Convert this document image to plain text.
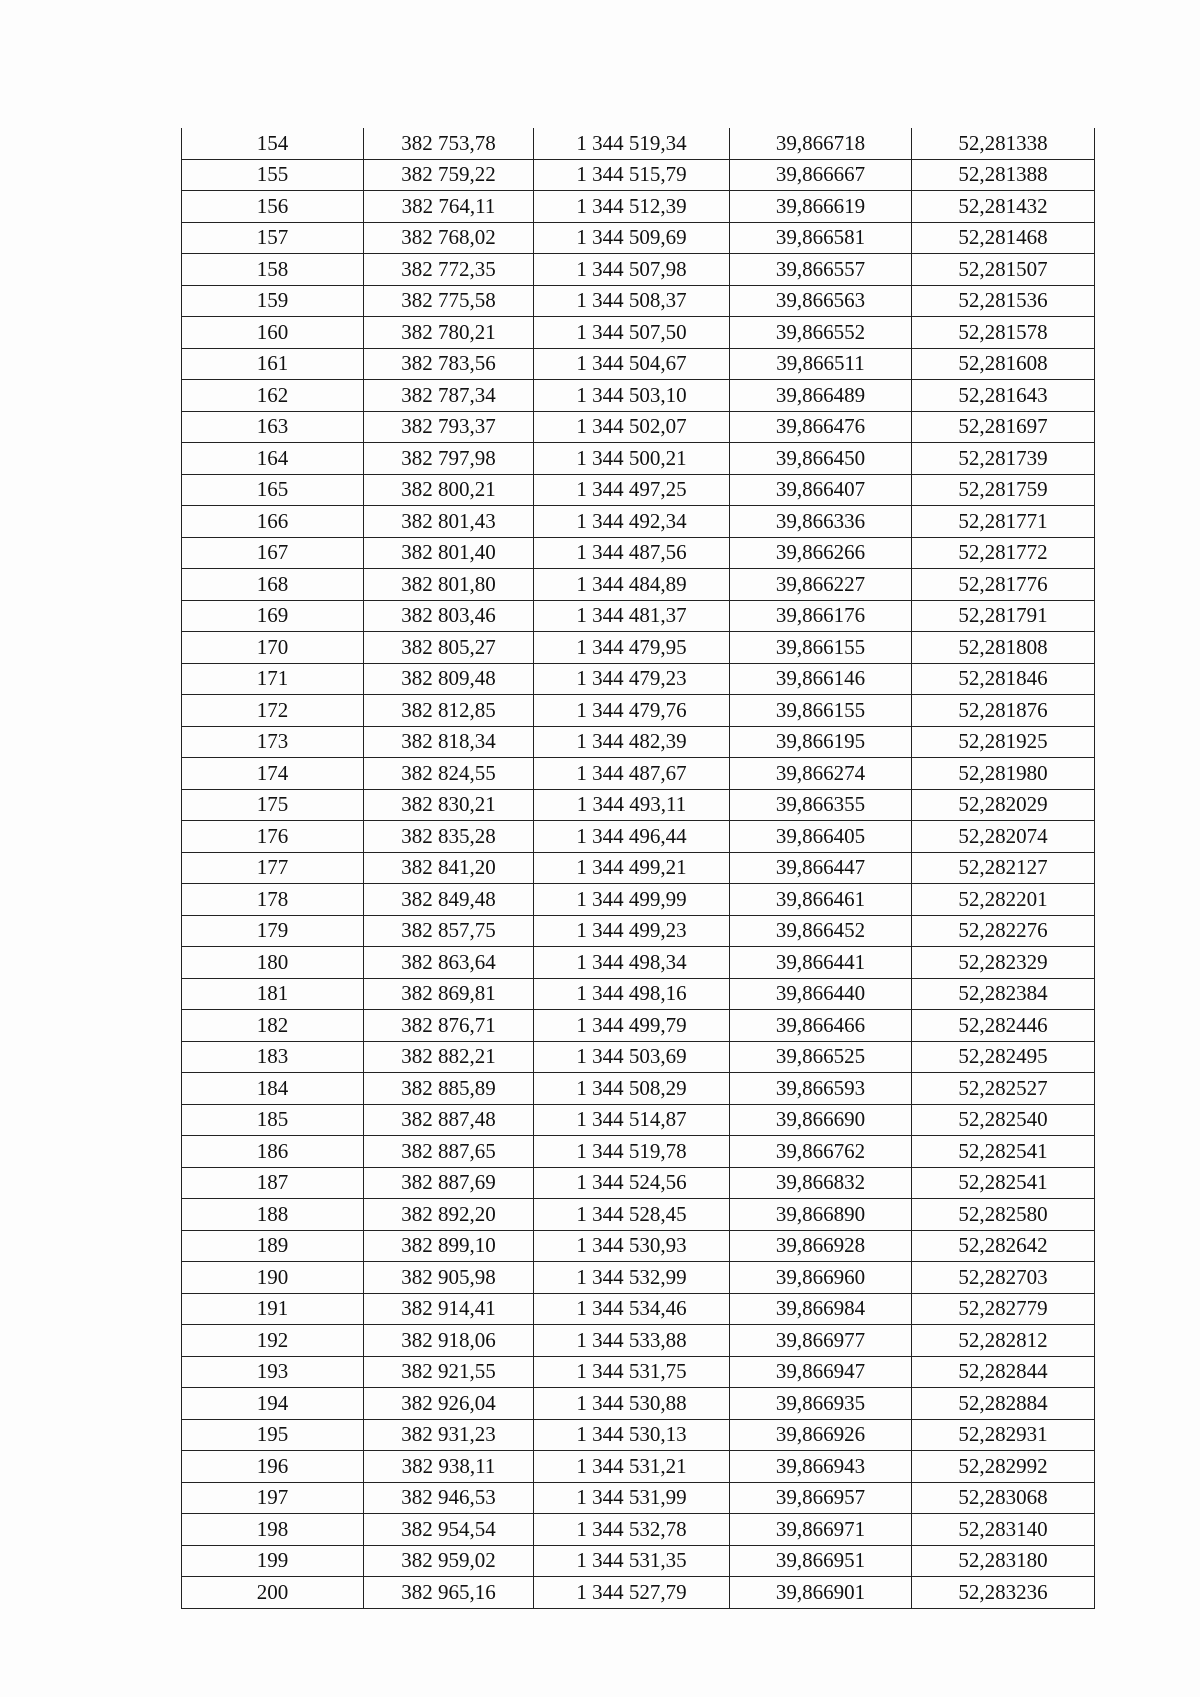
154	382 753,78	1 344 519,34	39,866718	52,281338
155	382 759,22	1 344 515,79	39,866667	52,281388
156	382 764,11	1 344 512,39	39,866619	52,281432
157	382 768,02	1 344 509,69	39,866581	52,281468
158	382 772,35	1 344 507,98	39,866557	52,281507
159	382 775,58	1 344 508,37	39,866563	52,281536
160	382 780,21	1 344 507,50	39,866552	52,281578
161	382 783,56	1 344 504,67	39,866511	52,281608
162	382 787,34	1 344 503,10	39,866489	52,281643
163	382 793,37	1 344 502,07	39,866476	52,281697
164	382 797,98	1 344 500,21	39,866450	52,281739
165	382 800,21	1 344 497,25	39,866407	52,281759
166	382 801,43	1 344 492,34	39,866336	52,281771
167	382 801,40	1 344 487,56	39,866266	52,281772
168	382 801,80	1 344 484,89	39,866227	52,281776
169	382 803,46	1 344 481,37	39,866176	52,281791
170	382 805,27	1 344 479,95	39,866155	52,281808
171	382 809,48	1 344 479,23	39,866146	52,281846
172	382 812,85	1 344 479,76	39,866155	52,281876
173	382 818,34	1 344 482,39	39,866195	52,281925
174	382 824,55	1 344 487,67	39,866274	52,281980
175	382 830,21	1 344 493,11	39,866355	52,282029
176	382 835,28	1 344 496,44	39,866405	52,282074
177	382 841,20	1 344 499,21	39,866447	52,282127
178	382 849,48	1 344 499,99	39,866461	52,282201
179	382 857,75	1 344 499,23	39,866452	52,282276
180	382 863,64	1 344 498,34	39,866441	52,282329
181	382 869,81	1 344 498,16	39,866440	52,282384
182	382 876,71	1 344 499,79	39,866466	52,282446
183	382 882,21	1 344 503,69	39,866525	52,282495
184	382 885,89	1 344 508,29	39,866593	52,282527
185	382 887,48	1 344 514,87	39,866690	52,282540
186	382 887,65	1 344 519,78	39,866762	52,282541
187	382 887,69	1 344 524,56	39,866832	52,282541
188	382 892,20	1 344 528,45	39,866890	52,282580
189	382 899,10	1 344 530,93	39,866928	52,282642
190	382 905,98	1 344 532,99	39,866960	52,282703
191	382 914,41	1 344 534,46	39,866984	52,282779
192	382 918,06	1 344 533,88	39,866977	52,282812
193	382 921,55	1 344 531,75	39,866947	52,282844
194	382 926,04	1 344 530,88	39,866935	52,282884
195	382 931,23	1 344 530,13	39,866926	52,282931
196	382 938,11	1 344 531,21	39,866943	52,282992
197	382 946,53	1 344 531,99	39,866957	52,283068
198	382 954,54	1 344 532,78	39,866971	52,283140
199	382 959,02	1 344 531,35	39,866951	52,283180
200	382 965,16	1 344 527,79	39,866901	52,283236
